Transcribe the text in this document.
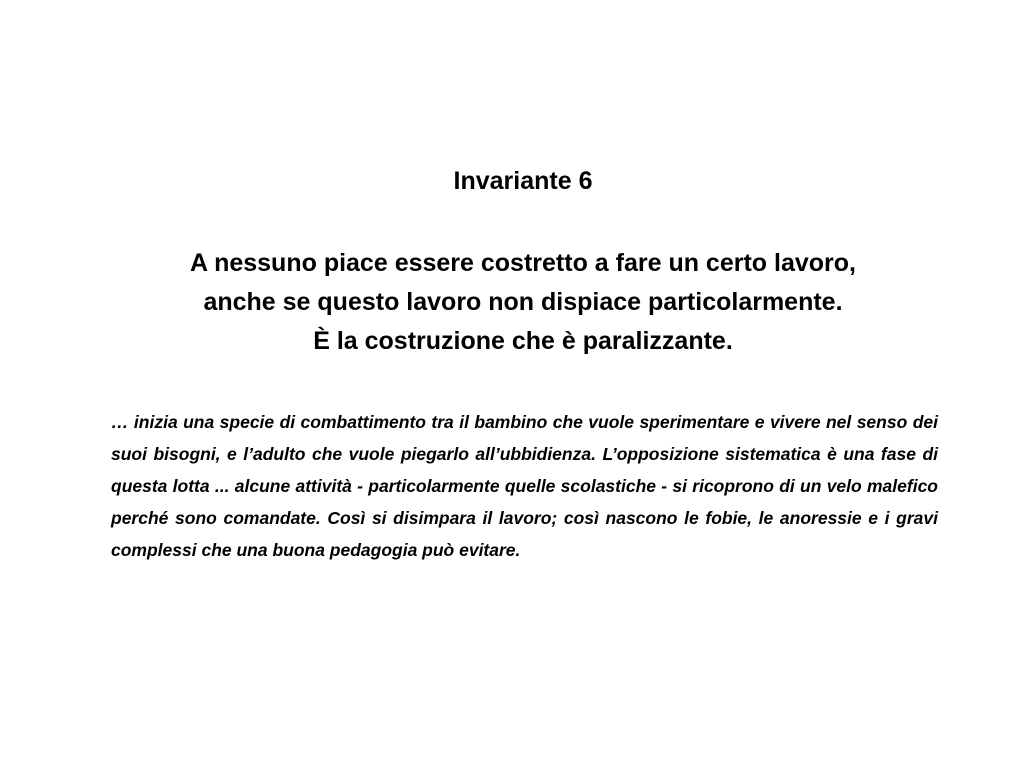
Invariante 6
A nessuno piace essere costretto a fare un certo lavoro,
anche se questo lavoro non dispiace particolarmente.
È la costruzione che è paralizzante.
… inizia una specie di combattimento tra il bambino che vuole sperimentare e vivere nel senso dei suoi bisogni, e l’adulto che vuole piegarlo all’ubbidienza. L’opposizione sistematica è una fase di questa lotta ... alcune attività - particolarmente quelle scolastiche - si ricoprono di un velo malefico perché sono comandate. Così si disimpara il lavoro; così nascono le fobie, le anoressie e i gravi complessi che una buona pedagogia può evitare.
